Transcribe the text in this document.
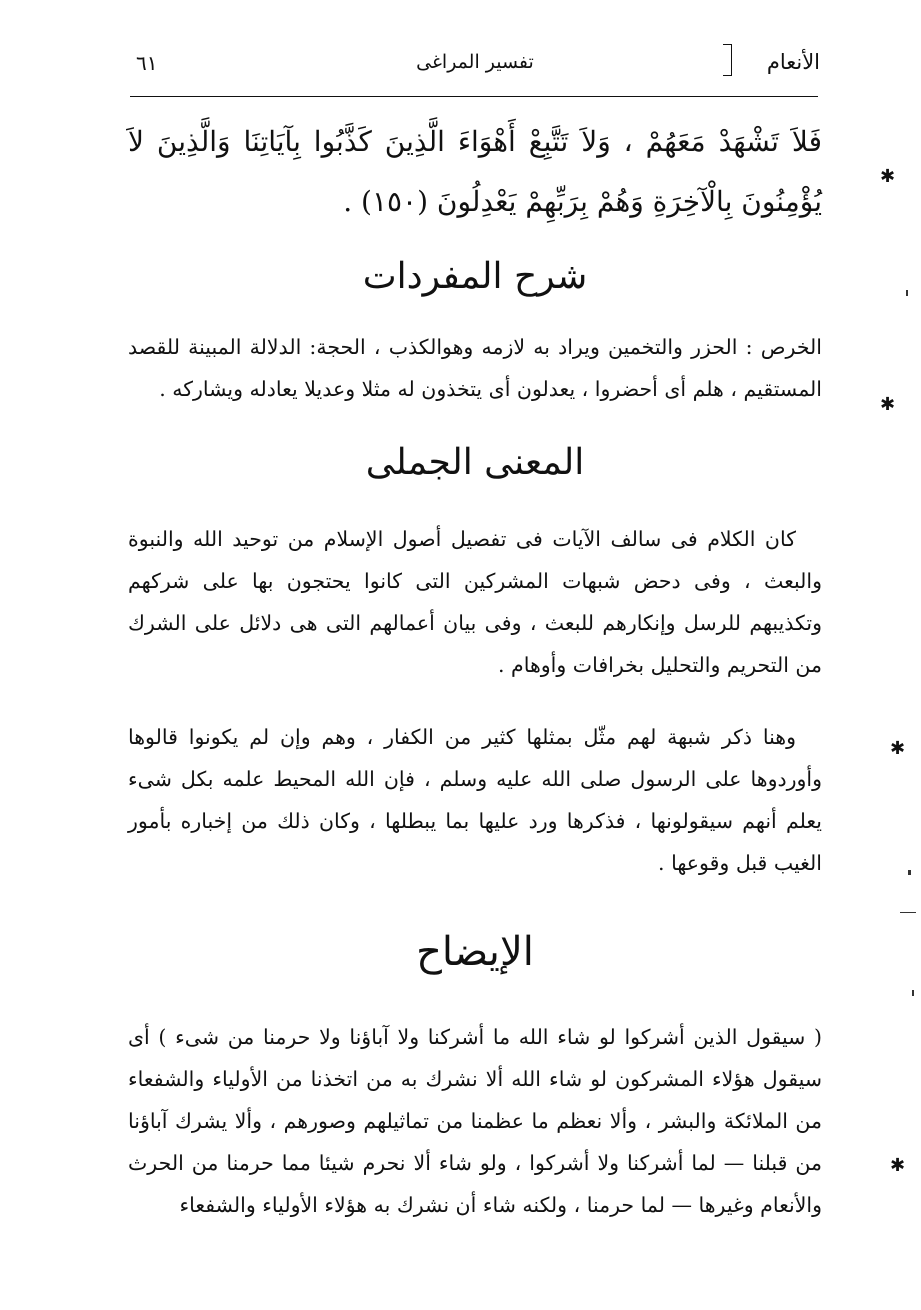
الأنعام
تفسير المراغى
٦١
فَلاَ تَشْهَدْ مَعَهُمْ ، وَلاَ تَتَّبِعْ أَهْوَاءَ الَّذِينَ كَذَّبُوا بِآيَاتِنَا وَالَّذِينَ لاَ يُؤْمِنُونَ بِالْآخِرَةِ وَهُمْ بِرَبِّهِمْ يَعْدِلُونَ (١٥٠) .
شرح المفردات
الخرص : الحزر والتخمين ويراد به لازمه وهوالكذب ، الحجة: الدلالة المبينة للقصد المستقيم ، هلم أى أحضروا ، يعدلون أى يتخذون له مثلا وعديلا يعادله ويشاركه .
المعنى الجملى
كان الكلام فى سالف الآيات فى تفصيل أصول الإسلام من توحيد الله والنبوة والبعث ، وفى دحض شبهات المشركين التى كانوا يحتجون بها على شركهم وتكذيبهم للرسل وإنكارهم للبعث ، وفى بيان أعمالهم التى هى دلائل على الشرك من التحريم والتحليل بخرافات وأوهام .
وهنا ذكر شبهة لهم مثّل بمثلها كثير من الكفار ، وهم وإن لم يكونوا قالوها وأوردوها على الرسول صلى الله عليه وسلم ، فإن الله المحيط علمه بكل شىء يعلم أنهم سيقولونها ، فذكرها ورد عليها بما يبطلها ، وكان ذلك من إخباره بأمور الغيب قبل وقوعها .
الإيضاح
( سيقول الذين أشركوا لو شاء الله ما أشركنا ولا آباؤنا ولا حرمنا من شىء ) أى سيقول هؤلاء المشركون لو شاء الله ألا نشرك به من اتخذنا من الأولياء والشفعاء من الملائكة والبشر ، وألا نعظم ما عظمنا من تماثيلهم وصورهم ، وألا يشرك آباؤنا من قبلنا — لما أشركنا ولا أشركوا ، ولو شاء ألا نحرم شيئا مما حرمنا من الحرث والأنعام وغيرها — لما حرمنا ، ولكنه شاء أن نشرك به هؤلاء الأولياء والشفعاء
✱
✱
✱
✱
